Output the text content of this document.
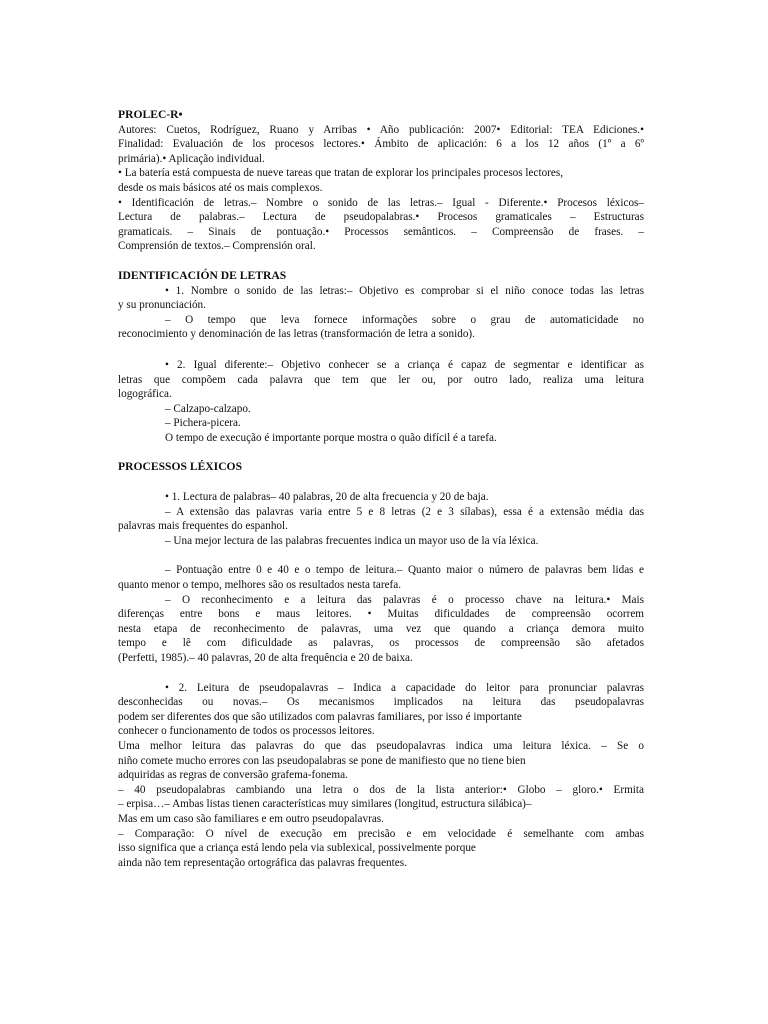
PROLEC-R•
Autores: Cuetos, Rodríguez, Ruano y Arribas • Año publicación: 2007• Editorial: TEA Ediciones.•
Finalidad: Evaluación de los procesos lectores.• Ámbito de aplicación: 6 a los 12 años (1º a 6º
primária).• Aplicação individual.
• La batería está compuesta de nueve tareas que tratan de explorar los principales procesos lectores,
desde os mais básicos até os mais complexos.
• Identificación de letras.– Nombre o sonido de las letras.– Igual - Diferente.• Procesos léxicos–
Lectura de palabras.– Lectura de pseudopalabras.• Procesos gramaticales – Estructuras
gramaticais. – Sinais de pontuação.• Processos semânticos. – Compreensão de frases. –
Comprensión de textos.– Comprensión oral.
IDENTIFICACIÓN DE LETRAS
• 1. Nombre o sonido de las letras:– Objetivo es comprobar si el niño conoce todas las letras
y su pronunciación.
– O tempo que leva fornece informações sobre o grau de automaticidade no
reconocimiento y denominación de las letras (transformación de letra a sonido).
• 2. Igual diferente:– Objetivo conhecer se a criança é capaz de segmentar e identificar as
letras que compõem cada palavra que tem que ler ou, por outro lado, realiza uma leitura
logográfica.
– Calzapo-calzapo.
– Pichera-picera.
O tempo de execução é importante porque mostra o quão difícil é a tarefa.
PROCESSOS LÉXICOS
• 1. Lectura de palabras– 40 palabras, 20 de alta frecuencia y 20 de baja.
– A extensão das palavras varia entre 5 e 8 letras (2 e 3 sílabas), essa é a extensão média das
palavras mais frequentes do espanhol.
– Una mejor lectura de las palabras frecuentes indica un mayor uso de la vía léxica.
– Pontuação entre 0 e 40 e o tempo de leitura.– Quanto maior o número de palavras bem lidas e
quanto menor o tempo, melhores são os resultados nesta tarefa.
– O reconhecimento e a leitura das palavras é o processo chave na leitura.• Mais
diferenças entre bons e maus leitores. • Muitas dificuldades de compreensão ocorrem
nesta etapa de reconhecimento de palavras, uma vez que quando a criança demora muito
tempo e lê com dificuldade as palavras, os processos de compreensão são afetados
(Perfetti, 1985).– 40 palavras, 20 de alta frequência e 20 de baixa.
• 2. Leitura de pseudopalavras – Indica a capacidade do leitor para pronunciar palavras
desconhecidas ou novas.– Os mecanismos implicados na leitura das pseudopalavras
podem ser diferentes dos que são utilizados com palavras familiares, por isso é importante
conhecer o funcionamento de todos os processos leitores.
Uma melhor leitura das palavras do que das pseudopalavras indica uma leitura léxica. – Se o
niño comete mucho errores con las pseudopalabras se pone de manifiesto que no tiene bien
adquiridas as regras de conversão grafema-fonema.
– 40 pseudopalabras cambiando una letra o dos de la lista anterior:• Globo – gloro.• Ermita
– erpisa…– Ambas listas tienen características muy similares (longitud, estructura silábica)–
Mas em um caso são familiares e em outro pseudopalavras.
– Comparação: O nível de execução em precisão e em velocidade é semelhante com ambas
isso significa que a criança está lendo pela via sublexical, possivelmente porque
ainda não tem representação ortográfica das palavras frequentes.
